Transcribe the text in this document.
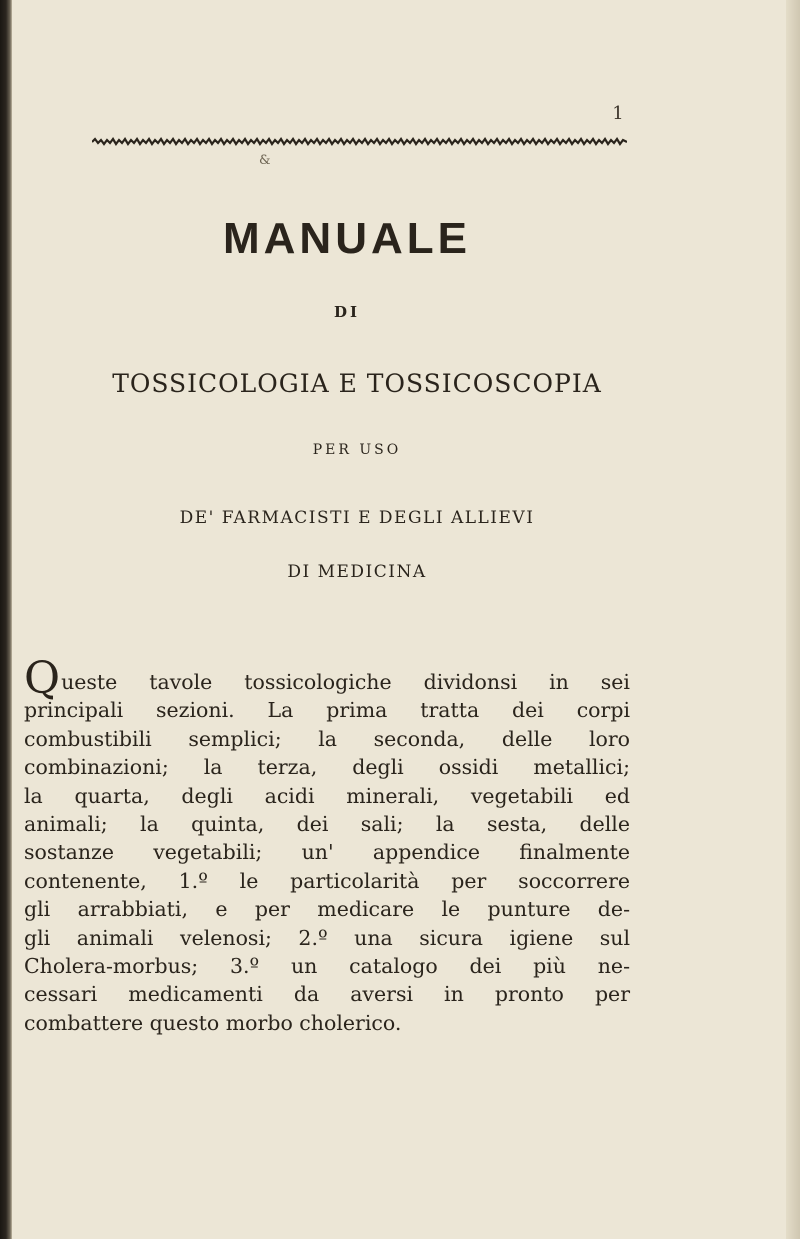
1
&
MANUALE
DI
TOSSICOLOGIA E TOSSICOSCOPIA
PER USO
DE' FARMACISTI E DEGLI ALLIEVI
DI MEDICINA
Queste tavole tossicologiche dividonsi in sei
principali sezioni. La prima tratta dei corpi
combustibili semplici; la seconda, delle loro
combinazioni; la terza, degli ossidi metallici;
la quarta, degli acidi minerali, vegetabili ed
animali; la quinta, dei sali; la sesta, delle
sostanze vegetabili; un' appendice finalmente
contenente, 1.º le particolarità per soccorrere
gli arrabbiati, e per medicare le punture de-
gli animali velenosi; 2.º una sicura igiene sul
Cholera-morbus; 3.º un catalogo dei più ne-
cessari medicamenti da aversi in pronto per
combattere questo morbo cholerico.
